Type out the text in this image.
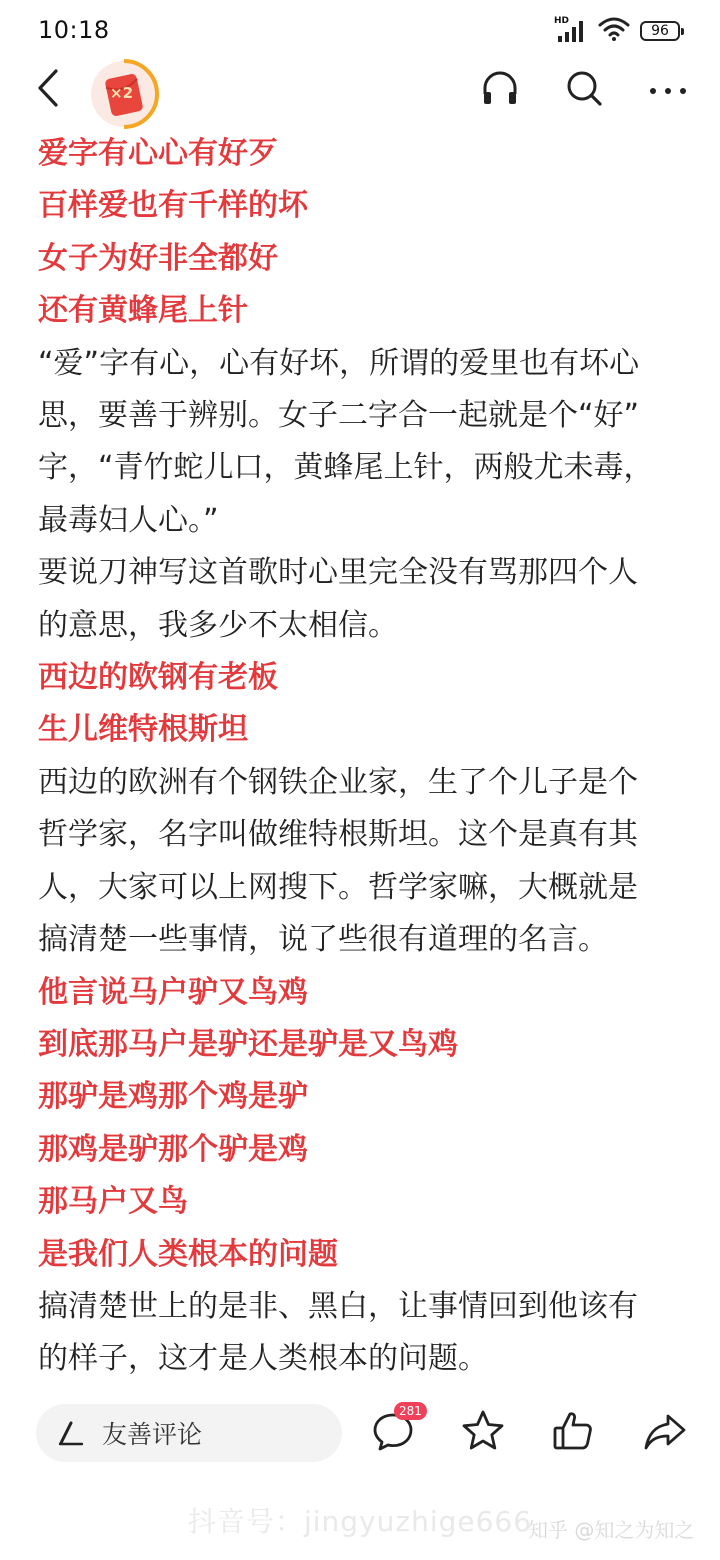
10:18	HD
96
×2
爱字有心心有好歹
百样爱也有千样的坏
女子为好非全都好
还有黄蜂尾上针
“爱”字有心，心有好坏，所谓的爱里也有坏心
思，要善于辨别。女子二字合一起就是个“好”
字，“青竹蛇儿口，黄蜂尾上针，两般尤未毒，
最毒妇人心。”
要说刀神写这首歌时心里完全没有骂那四个人
的意思，我多少不太相信。
西边的欧钢有老板
生儿维特根斯坦
西边的欧洲有个钢铁企业家，生了个儿子是个
哲学家，名字叫做维特根斯坦。这个是真有其
人，大家可以上网搜下。哲学家嘛，大概就是
搞清楚一些事情，说了些很有道理的名言。
他言说马户驴又鸟鸡
到底那马户是驴还是驴是又鸟鸡
那驴是鸡那个鸡是驴
那鸡是驴那个驴是鸡
那马户又鸟
是我们人类根本的问题
搞清楚世上的是非、黑白，让事情回到他该有
的样子，这才是人类根本的问题。
友善评论
281
抖音号：jingyuzhige666
知乎 @知之为知之
